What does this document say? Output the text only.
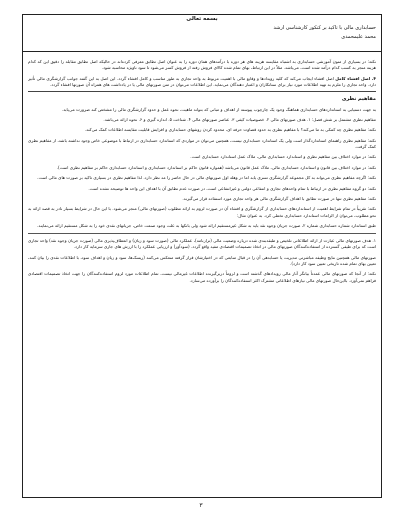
بسمه تعالی
حسابداری مالی با تاکید بر کنکور کارشناسی ارشد
محمد علیمحمدی

نکته: در بسیاری از متون آموزشی حسابداری به اشتباه مقایسه هزینه های هر دوره با درآمدهای همان دوره را به عنوان اصل تطابق معرفی کرده‌اند در حالیکه اصل تطابق مقابله را دقیق این که کدام هزینه منجر به کسب کدام درآمد شده است، می‌باشد. مثلاً در این ارتباط، بهای تمام شده کالای فروش رفته از فروش کسر می‌شود تا سود ناویژه محاسبه شود.

۴. اصل افشاء کامل اصل افشاء ایجاب می‌کند که کلیه رویدادها و وقایع مالی با اهمیت مربوط به واحد تجاری به طور مناسب و کامل افشاء گردد. این اصل به این گفته جوانب گزارشگری مالی تأثیر دارد. واحد تجاری را ملزم به تهیه اطلاعات مورد نیاز برای ستانکاران و اعتبار دهندگان می‌نماید. این اطلاعات می‌توان در متن صورتهای مالی یا در یادداشت های همراه آن صورتها افشاء گردد.

مفاهیم نظری

به جهت دستیابی به استانداردهای حسابداری هماهنگ وجود یک چارچوب پیوسته از اهداف و مبانی که بتواند ماهیت، نحوه عمل و حدود گزارشگری مالی را مشخص کند ضرورت می‌یابد.

مفاهیم نظری مشتمل بر شش فصل: ۱. هدف صورتهای مالی ۲. خصوصیات کیفی ۳. عناصر صورتهای مالی ۴. شناخت ۵. اندازه گیری و ۶. نحوه ارائه می‌باشد.

نکته: مفاهیم نظری چه کمکی به ما می‌کند؟ با مفاهیم نظری به حدود قضاوت حرفه ای، محدود کردن روشهای حسابداری و افزایش قابلیت مقایسه اطلاعات کمک می‌کند.

نکته: مفاهیم نظری راهنمای استانداردگذار است ولی یک استاندارد حسابداری نیست، همچنین می‌توان در مواردی که استاندارد حسابداری در ارتباط با موضوعی خاص وجود نداشته باشد، از مفاهیم نظری کمک گرفت.

نکته: در موارد اختلاف بین مفاهیم نظری و استاندارد حسابداری مالی، ملاک عمل استاندارد حسابداری است.

نکته: در موارد اختلاف بین قانون و استاندارد حسابداری مالی، ملاک عمل قانون می‌باشد (همواره قانون حاکم بر استاندارد حسابداری و استاندارد حسابداری حاکم بر مفاهیم نظری است).

نکته: اگرچه مفاهیم نظری می‌تواند به کل مجموعه گزارشگری تسری یابد اما در وهله اول صورتهای مالی در حال حاضر را مد نظر دارد. لذا مفاهیم نظری در بسیاری تاکید بر صورت های مالی است.

نکته: دو گروه مفاهیم نظری در ارتباط با تمام واحدهای تجاری و انتفاعی دولتی و غیرانتفاعی است، در صورت عدم تطابق آن با اهداف این واحد ها توضیحه نشده است.

نکته: مفاهیم نظری تنها در صورت تطابق با اهداف گزارشگری مالی هر واحد تجاری مورد استفاده قرار می‌گیرند.

نکته: تقریباً در تمام شرایط اهمیت از استانداردهای حسابداری از گزارشگری و افشاء آن در صورت لزوم به ارائه مطلوب (صورتهای مالی) منجر می‌شود. با این حال در شرایط بسیار نادر به قصد ارائه به نحو مطلوب، می‌توان از الزامات استاندارد حسابداری تخطی کرد. به عنوان مثال:

طبق استاندارد شماره حسابداری شماره ۲، صورت جریان وجوه نقد باید به شکل غیرمستقیم ارائه شود ولی بانکها به علت وجود صنعت خاص، جریانهای نقدی خود را به شکل مستقیم ارائه می‌نمایند.

۱. هدف صورتهای مالی عبارت از ارائه اطلاعاتی تلخیص و طبقه‌بندی شده درباره وضعیت مالی (ترازنامه)، عملکرد مالی (صورت سود و زیان) و انعطاف‌پذیری مالی (صورت جریان وجوه نقد) واحد تجاری است که برای طیفی گسترده از استفاده‌کنندگان صورتهای مالی در اتخاذ تصمیمات اقتصادی مفید واقع گردد. (سودآور) و ارزیابی عملکرد را با ارزش های جاری سرمایه کار دارد.

صورتهای مالی همچنین نتایج وظیفه مباشرتی مدیریت یا حسابدهی آن را در قبال منابعی که در اختیارشان قرار گرفته منعکس می‌کنند (ریسک‌ها، سود و زیان و اهداف سود، با اطلاعات نقدی را بیان کنند، تعیین بهای تمام شده تاریخی تعیین سود کار دارد).

نکته: از آنجا که صورتهای مالی عمدتاً بیانگر آثار مالی رویدادهای گذشته است و لزوماً دربرگیرنده اطلاعات غیرمالی نیست، تمام اطلاعات مورد لزوم استفاده‌کنندگان را جهت اتخاذ تصمیمات اقتصادی فراهم نمی‌آورد. بااین‌حال صورتهای مالی نیازهای اطلاعاتی مشترک اکثر استفاده‌کنندگان را برآورده می‌سازد.

۳
